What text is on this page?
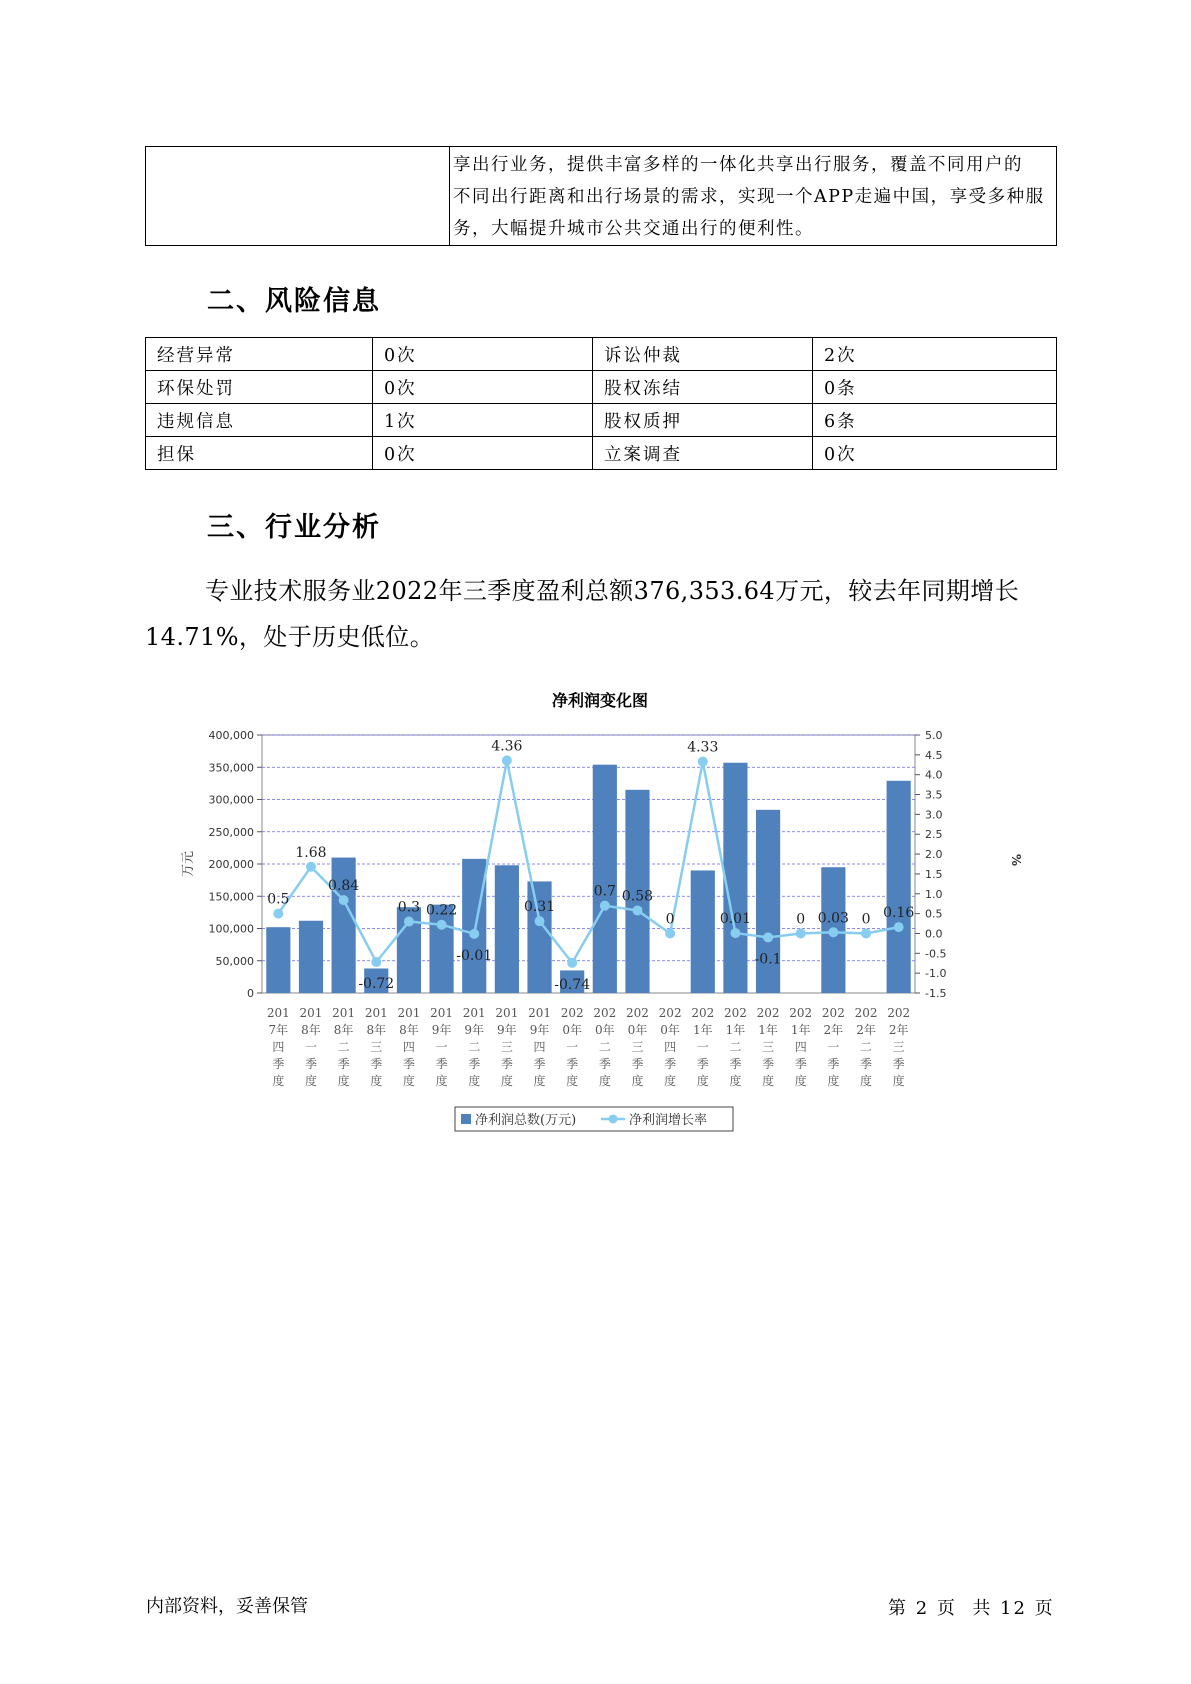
享出行业务，提供丰富多样的一体化共享出行服务，覆盖不同用户的
不同出行距离和出行场景的需求，实现一个APP走遍中国，享受多种服
务，大幅提升城市公共交通出行的便利性。
二、风险信息
经营异常	0次	诉讼仲裁	2次
环保处罚	0次	股权冻结	0条
违规信息	1次	股权质押	6条
担保	0次	立案调查	0次
三、行业分析

专业技术服务业2022年三季度盈利总额376,353.64万元，较去年同期增长14.71%，处于历史低位。

净利润变化图
0
50,000
100,000
150,000
200,000
250,000
300,000
350,000
400,000
-1.5
-1.0
-0.5
0.0
0.5
1.0
1.5
2.0
2.5
3.0
3.5
4.0
4.5
5.0
0.5
1.68
0.84
-0.72
0.3 0.22
-0.01
4.36
0.31
-0.74
0.7 0.58
0
4.33
0.01
-0.1
0 0.03 0 0.16
201
7年
四
季
度
201
8年
一
季
度
201
8年
二
季
度
201
8年
三
季
度
201
8年
四
季
度
201
9年
一
季
度
201
9年
二
季
度
201
9年
三
季
度
201
9年
四
季
度
202
0年
一
季
度
202
0年
二
季
度
202
0年
三
季
度
202
0年
四
季
度
202
1年
一
季
度
202
1年
二
季
度
202
1年
三
季
度
202
1年
四
季
度
202
2年
一
季
度
202
2年
二
季
度
202
2年
三
季
度
万元	%
净利润总数(万元)	净利润增长率
内部资料，妥善保管	第 2 页  共 12 页
